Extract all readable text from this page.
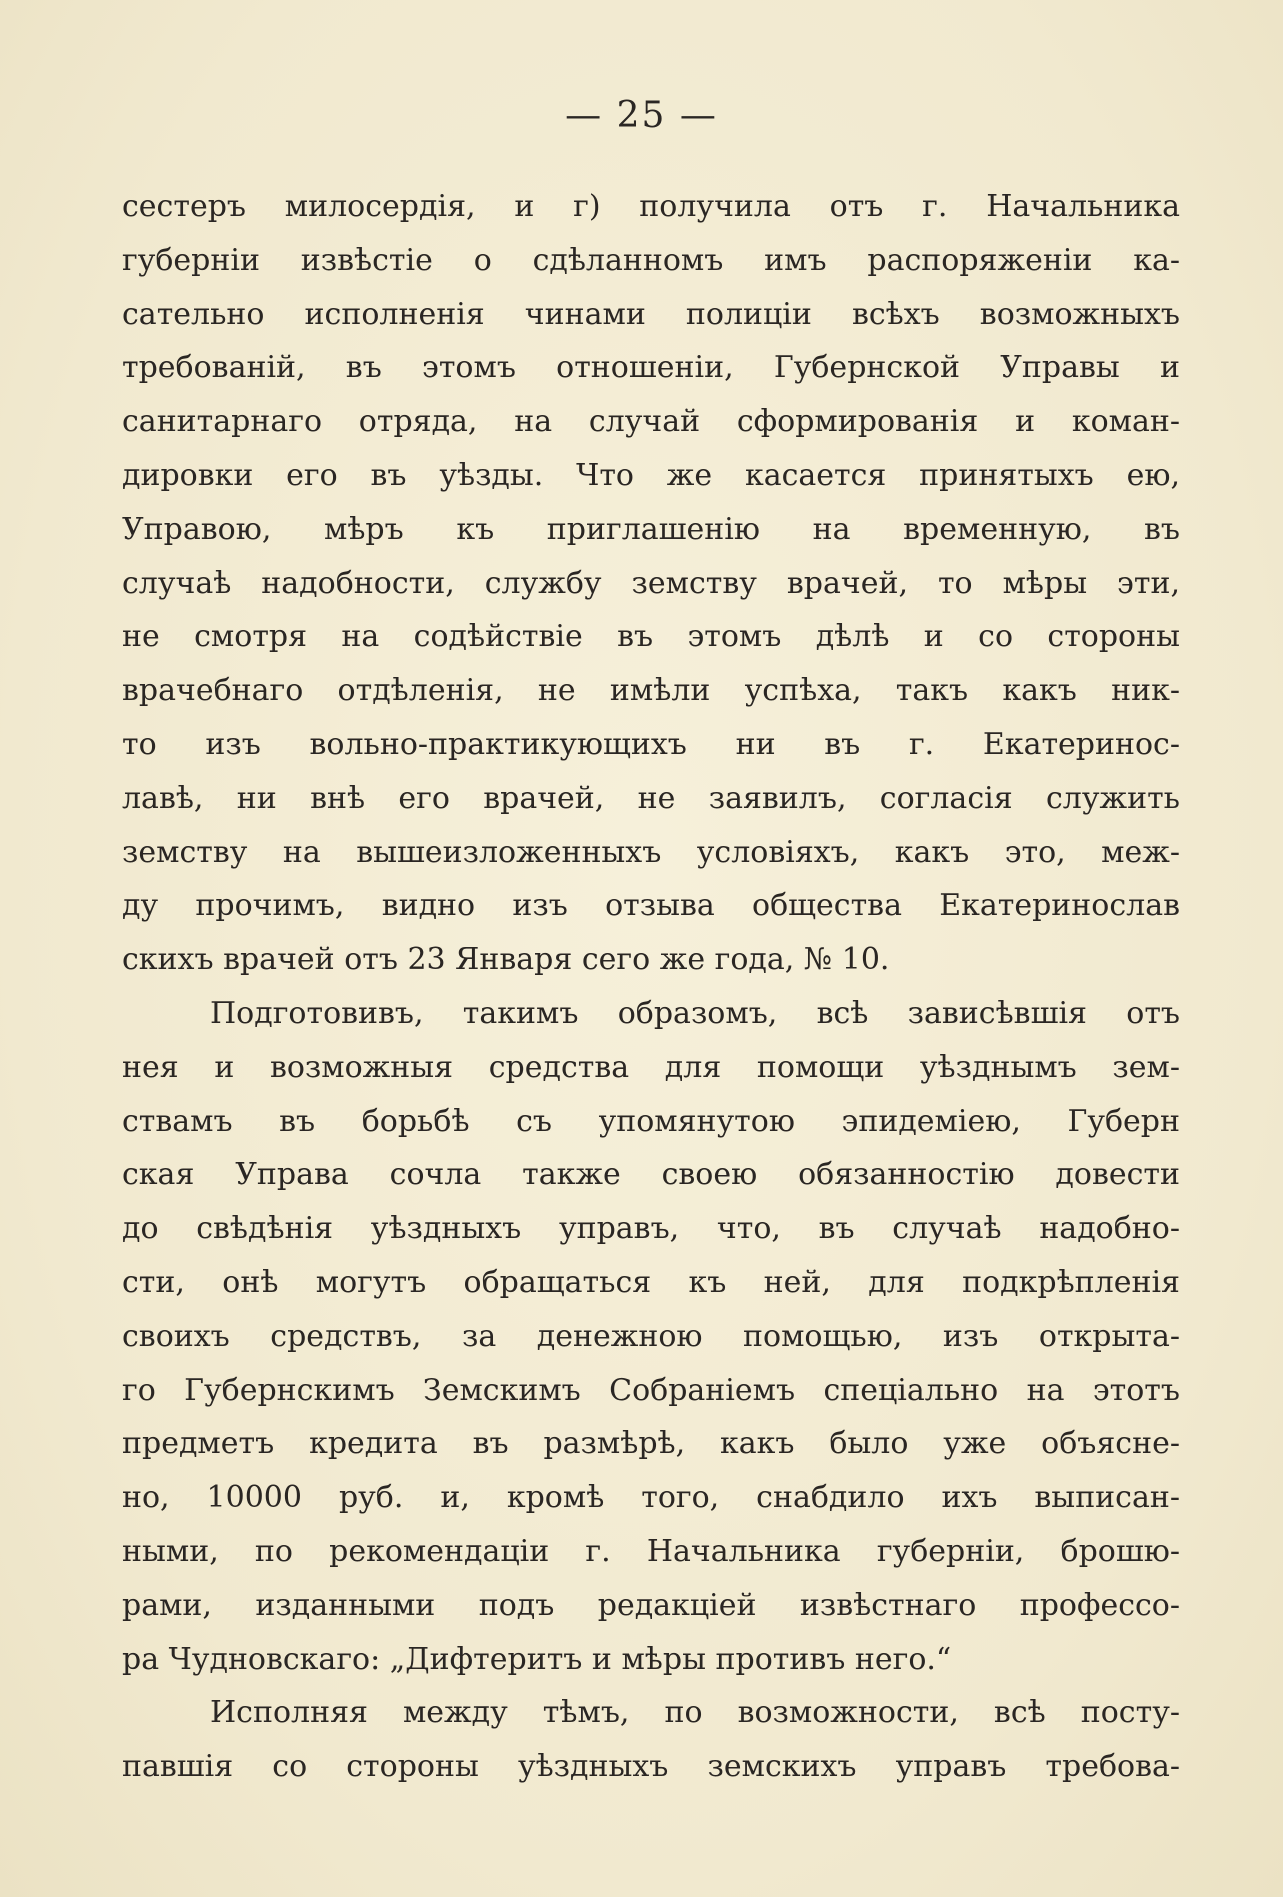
— 25 —
сестеръ милосердія, и г) получила отъ г. Начальника
губерніи извѣстіе о сдѣланномъ имъ распоряженіи ка-
сательно исполненія чинами полиціи всѣхъ возможныхъ
требованій, въ этомъ отношеніи, Губернской Управы и
санитарнаго отряда, на случай сформированія и коман-
дировки его въ уѣзды. Что же касается принятыхъ ею,
Управою, мѣръ къ приглашенію на временную, въ
случаѣ надобности, службу земству врачей, то мѣры эти,
не смотря на содѣйствіе въ этомъ дѣлѣ и со стороны
врачебнаго отдѣленія, не имѣли успѣха, такъ какъ ник-
то изъ вольно-практикующихъ ни въ г. Екатеринос-
лавѣ, ни внѣ его врачей, не заявилъ, согласія служить
земству на вышеизложенныхъ условіяхъ, какъ это, меж-
ду прочимъ, видно изъ отзыва общества Екатеринослав
скихъ врачей отъ 23 Января сего же года, № 10.
Подготовивъ, такимъ образомъ, всѣ зависѣвшія отъ
нея и возможныя средства для помощи уѣзднымъ зем-
ствамъ въ борьбѣ съ упомянутою эпидеміею, Губерн
ская Управа сочла также своею обязанностію довести
до свѣдѣнія уѣздныхъ управъ, что, въ случаѣ надобно-
сти, онѣ могутъ обращаться къ ней, для подкрѣпленія
своихъ средствъ, за денежною помощью, изъ открыта-
го Губернскимъ Земскимъ Собраніемъ спеціально на этотъ
предметъ кредита въ размѣрѣ, какъ было уже объясне-
но, 10000 руб. и, кромѣ того, снабдило ихъ выписан-
ными, по рекомендаціи г. Начальника губерніи, брошю-
рами, изданными подъ редакціей извѣстнаго профессо-
ра Чудновскаго: „Дифтеритъ и мѣры противъ него.“
Исполняя между тѣмъ, по возможности, всѣ посту-
павшія со стороны уѣздныхъ земскихъ управъ требова-
